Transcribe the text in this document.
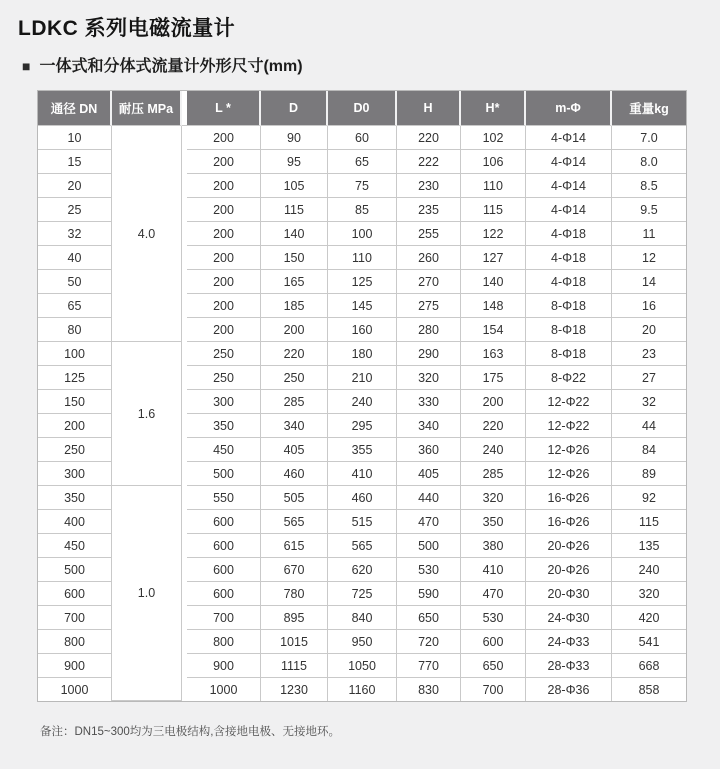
LDKC 系列电磁流量计
■ 一体式和分体式流量计外形尺寸(mm)
通径 DN	耐压 MPa		L *	D	D0	H	H*	m-Φ	重量kg
10	4.0		200	90	60	220	102	4-Φ14	7.0
15			200	95	65	222	106	4-Φ14	8.0
20			200	105	75	230	110	4-Φ14	8.5
25			200	115	85	235	115	4-Φ14	9.5
32			200	140	100	255	122	4-Φ18	11
40			200	150	110	260	127	4-Φ18	12
50			200	165	125	270	140	4-Φ18	14
65			200	185	145	275	148	8-Φ18	16
80			200	200	160	280	154	8-Φ18	20
100	1.6		250	220	180	290	163	8-Φ18	23
125			250	250	210	320	175	8-Φ22	27
150			300	285	240	330	200	12-Φ22	32
200			350	340	295	340	220	12-Φ22	44
250			450	405	355	360	240	12-Φ26	84
300			500	460	410	405	285	12-Φ26	89
350	1.0		550	505	460	440	320	16-Φ26	92
400			600	565	515	470	350	16-Φ26	115
450			600	615	565	500	380	20-Φ26	135
500			600	670	620	530	410	20-Φ26	240
600			600	780	725	590	470	20-Φ30	320
700			700	895	840	650	530	24-Φ30	420
800			800	1015	950	720	600	24-Φ33	541
900			900	1115	1050	770	650	28-Φ33	668
1000			1000	1230	1160	830	700	28-Φ36	858
备注：DN15~300均为三电极结构,含接地电极、无接地环。
